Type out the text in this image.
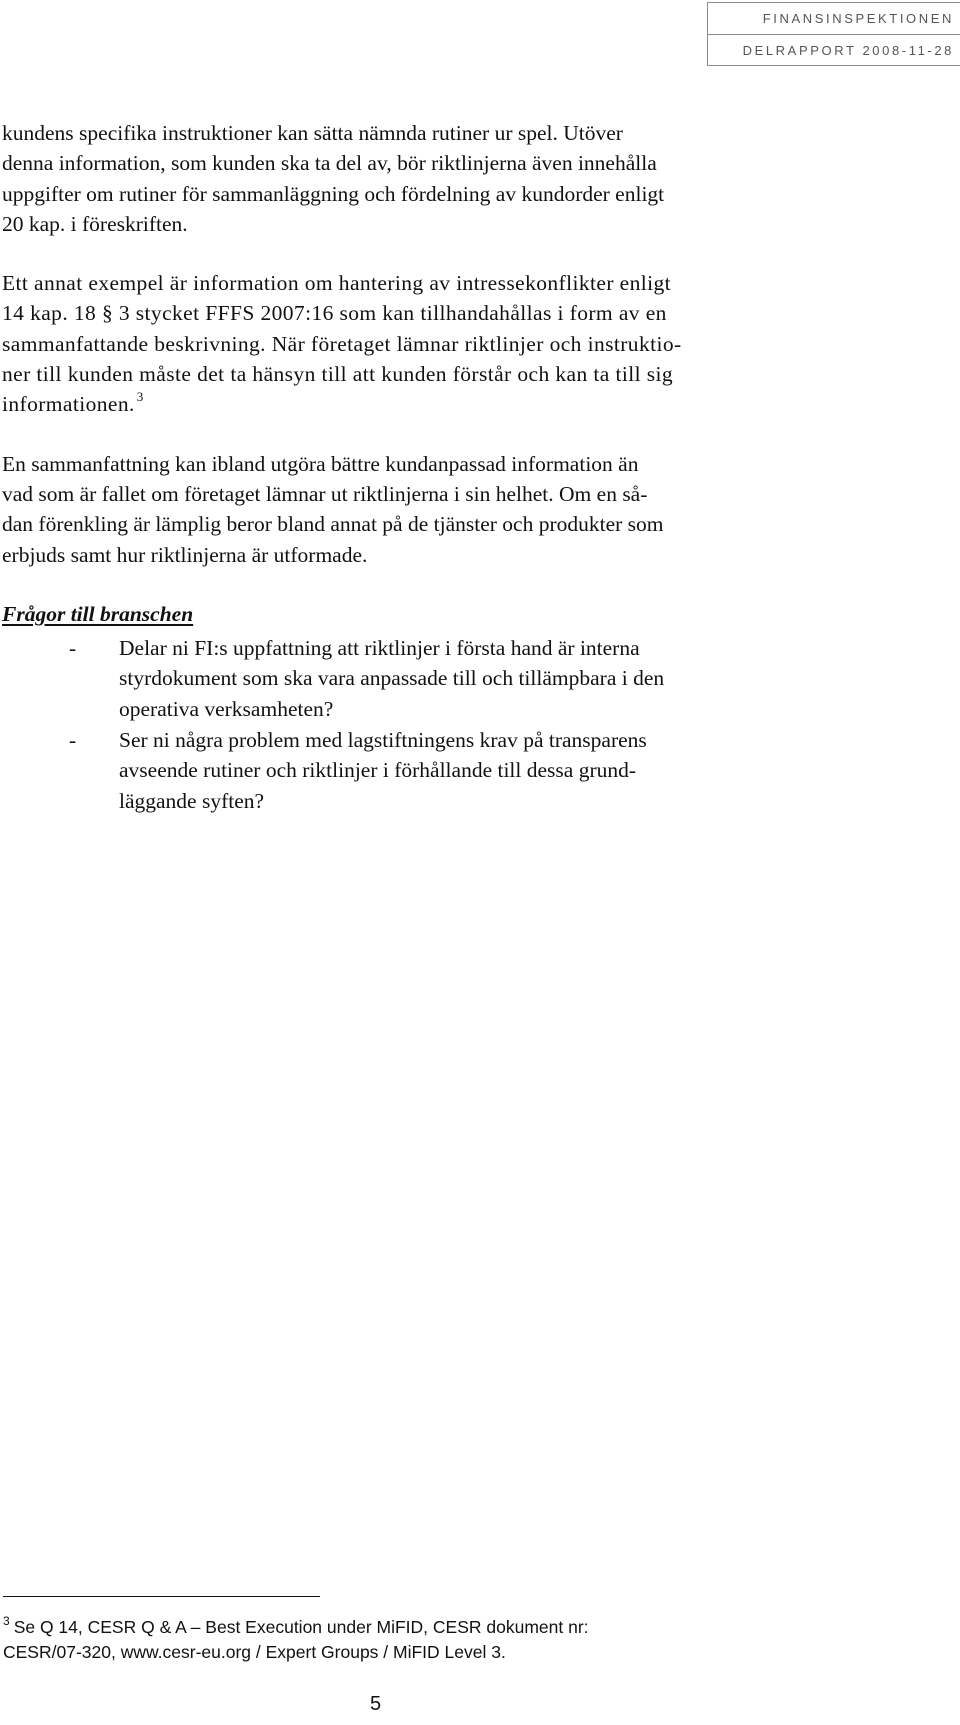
FINANSINSPEKTIONEN
DELRAPPORT 2008-11-28

kundens specifika instruktioner kan sätta nämnda rutiner ur spel. Utöver
denna information, som kunden ska ta del av, bör riktlinjerna även innehålla
uppgifter om rutiner för sammanläggning och fördelning av kundorder enligt
20 kap. i föreskriften.

Ett annat exempel är information om hantering av intressekonflikter enligt
14 kap. 18 § 3 stycket FFFS 2007:16 som kan tillhandahållas i form av en
sammanfattande beskrivning. När företaget lämnar riktlinjer och instruktio-
ner till kunden måste det ta hänsyn till att kunden förstår och kan ta till sig
informationen. $^3$

En sammanfattning kan ibland utgöra bättre kundanpassad information än
vad som är fallet om företaget lämnar ut riktlinjerna i sin helhet. Om en så-
dan förenkling är lämplig beror bland annat på de tjänster och produkter som
erbjuds samt hur riktlinjerna är utformade.

Frågor till branschen
- Delar ni FI:s uppfattning att riktlinjer i första hand är interna
styrdokument som ska vara anpassade till och tillämpbara i den
operativa verksamheten?
- Ser ni några problem med lagstiftningens krav på transparens
avseende rutiner och riktlinjer i förhållande till dessa grund-
läggande syften?
$^3$ Se Q 14, CESR Q & A – Best Execution under MiFID, CESR dokument nr:
CESR/07-320, www.cesr-eu.org / Expert Groups / MiFID Level 3.
5
